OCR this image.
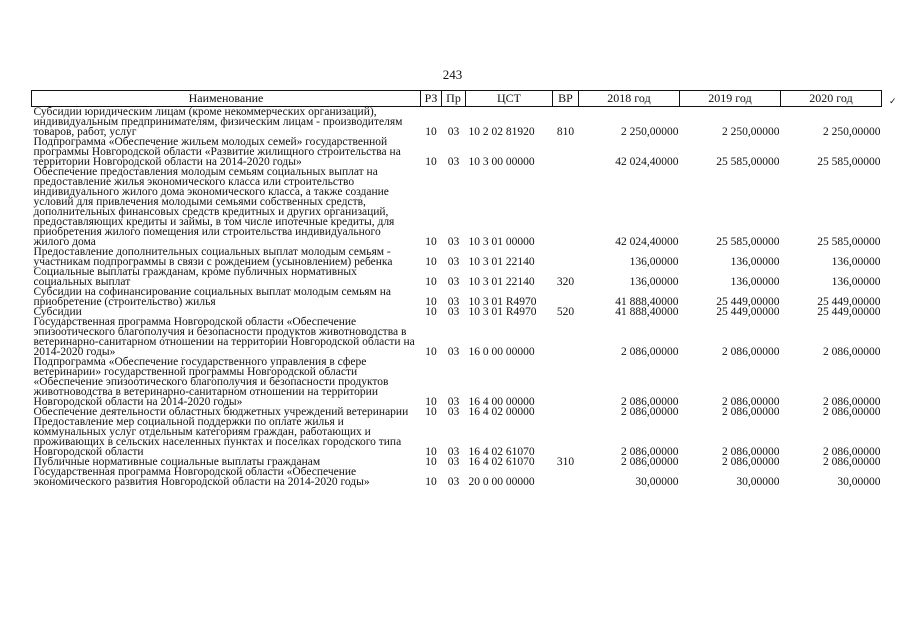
243
✓
Наименование	РЗ	Пр	ЦСТ	ВР	2018 год	2019 год	2020 год
Субсидии юридическим лицам (кроме некоммерческих организаций), индивидуальным предпринимателям, физическим лицам - производителям товаров, работ, услуг	10	03	10 2 02 81920	810	2 250,00000	2 250,00000	2 250,00000
Подпрограмма «Обеспечение жильем молодых семей» государственной программы Новгородской области «Развитие жилищного строительства на территории Новгородской области на 2014-2020 годы»	10	03	10 3 00 00000		42 024,40000	25 585,00000	25 585,00000
Обеспечение предоставления молодым семьям социальных выплат на предоставление жилья экономического класса или строительство индивидуального жилого дома экономического класса, а также создание условий для привлечения молодыми семьями собственных средств, дополнительных финансовых средств кредитных и других организаций, предоставляющих кредиты и займы, в том числе ипотечные кредиты, для приобретения жилого помещения или строительства индивидуального жилого дома	10	03	10 3 01 00000		42 024,40000	25 585,00000	25 585,00000
Предоставление дополнительных социальных выплат молодым семьям - участникам подпрограммы в связи с рождением (усыновлением) ребенка	10	03	10 3 01 22140		136,00000	136,00000	136,00000
Социальные выплаты гражданам, кроме публичных нормативных социальных выплат	10	03	10 3 01 22140	320	136,00000	136,00000	136,00000
Субсидии на софинансирование социальных выплат молодым семьям на приобретение (строительство) жилья	10	03	10 3 01 R4970		41 888,40000	25 449,00000	25 449,00000
Субсидии	10	03	10 3 01 R4970	520	41 888,40000	25 449,00000	25 449,00000
Государственная программа Новгородской области «Обеспечение эпизоотического благополучия и безопасности продуктов животноводства в ветеринарно-санитарном отношении на территории Новгородской области на 2014-2020 годы»	10	03	16 0 00 00000		2 086,00000	2 086,00000	2 086,00000
Подпрограмма «Обеспечение государственного управления в сфере ветеринарии» государственной программы Новгородской области «Обеспечение эпизоотического благополучия и безопасности продуктов животноводства в ветеринарно-санитарном отношении на территории Новгородской области на 2014-2020 годы»	10	03	16 4 00 00000		2 086,00000	2 086,00000	2 086,00000
Обеспечение деятельности областных бюджетных учреждений ветеринарии	10	03	16 4 02 00000		2 086,00000	2 086,00000	2 086,00000
Предоставление мер социальной поддержки по оплате жилья и коммунальных услуг отдельным категориям граждан, работающих и проживающих в сельских населенных пунктах и поселках городского типа Новгородской области	10	03	16 4 02 61070		2 086,00000	2 086,00000	2 086,00000
Публичные нормативные социальные выплаты гражданам	10	03	16 4 02 61070	310	2 086,00000	2 086,00000	2 086,00000
Государственная программа Новгородской области «Обеспечение экономического развития Новгородской области на 2014-2020 годы»	10	03	20 0 00 00000		30,00000	30,00000	30,00000
